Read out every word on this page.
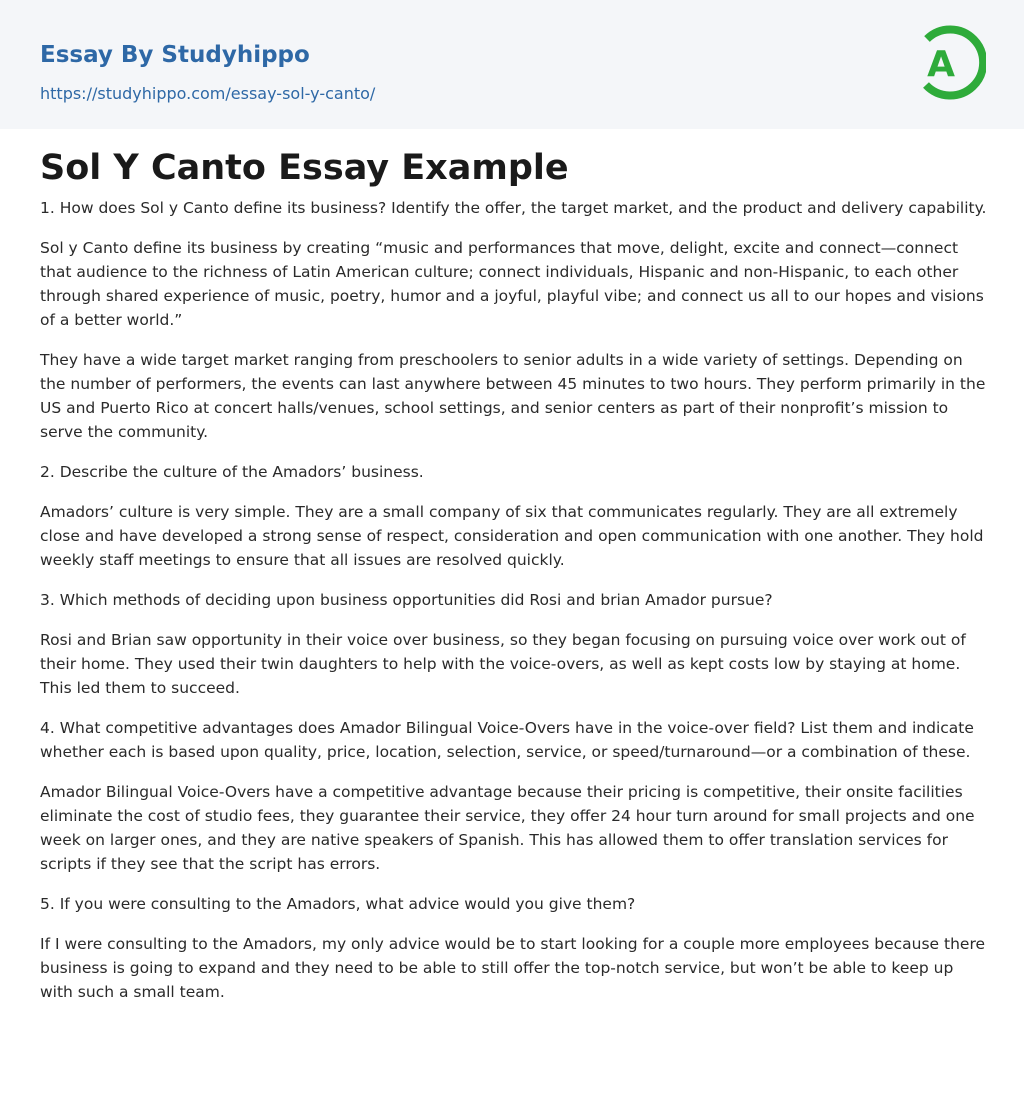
Essay By Studyhippo
https://studyhippo.com/essay-sol-y-canto/
A
Sol Y Canto Essay Example

1. How does Sol y Canto define its business? Identify the offer, the target market, and the product and delivery capability.

Sol y Canto define its business by creating “music and performances that move, delight, excite and connect—connect that audience to the richness of Latin American culture; connect individuals, Hispanic and non-Hispanic, to each other through shared experience of music, poetry, humor and a joyful, playful vibe; and connect us all to our hopes and visions of a better world.”

They have a wide target market ranging from preschoolers to senior adults in a wide variety of settings. Depending on the number of performers, the events can last anywhere between 45 minutes to two hours. They perform primarily in the US and Puerto Rico at concert halls/venues, school settings, and senior centers as part of their nonprofit’s mission to serve the community.

2. Describe the culture of the Amadors’ business.

Amadors’ culture is very simple. They are a small company of six that communicates regularly. They are all extremely close and have developed a strong sense of respect, consideration and open communication with one another. They hold weekly staff meetings to ensure that all issues are resolved quickly.

3. Which methods of deciding upon business opportunities did Rosi and brian Amador pursue?

Rosi and Brian saw opportunity in their voice over business, so they began focusing on pursuing voice over work out of their home. They used their twin daughters to help with the voice-overs, as well as kept costs low by staying at home. This led them to succeed.

4. What competitive advantages does Amador Bilingual Voice-Overs have in the voice-over field? List them and indicate whether each is based upon quality, price, location, selection, service, or speed/turnaround—or a combination of these.

Amador Bilingual Voice-Overs have a competitive advantage because their pricing is competitive, their onsite facilities eliminate the cost of studio fees, they guarantee their service, they offer 24 hour turn around for small projects and one week on larger ones, and they are native speakers of Spanish. This has allowed them to offer translation services for scripts if they see that the script has errors.

5. If you were consulting to the Amadors, what advice would you give them?

If I were consulting to the Amadors, my only advice would be to start looking for a couple more employees because there business is going to expand and they need to be able to still offer the top-notch service, but won’t be able to keep up with such a small team.
